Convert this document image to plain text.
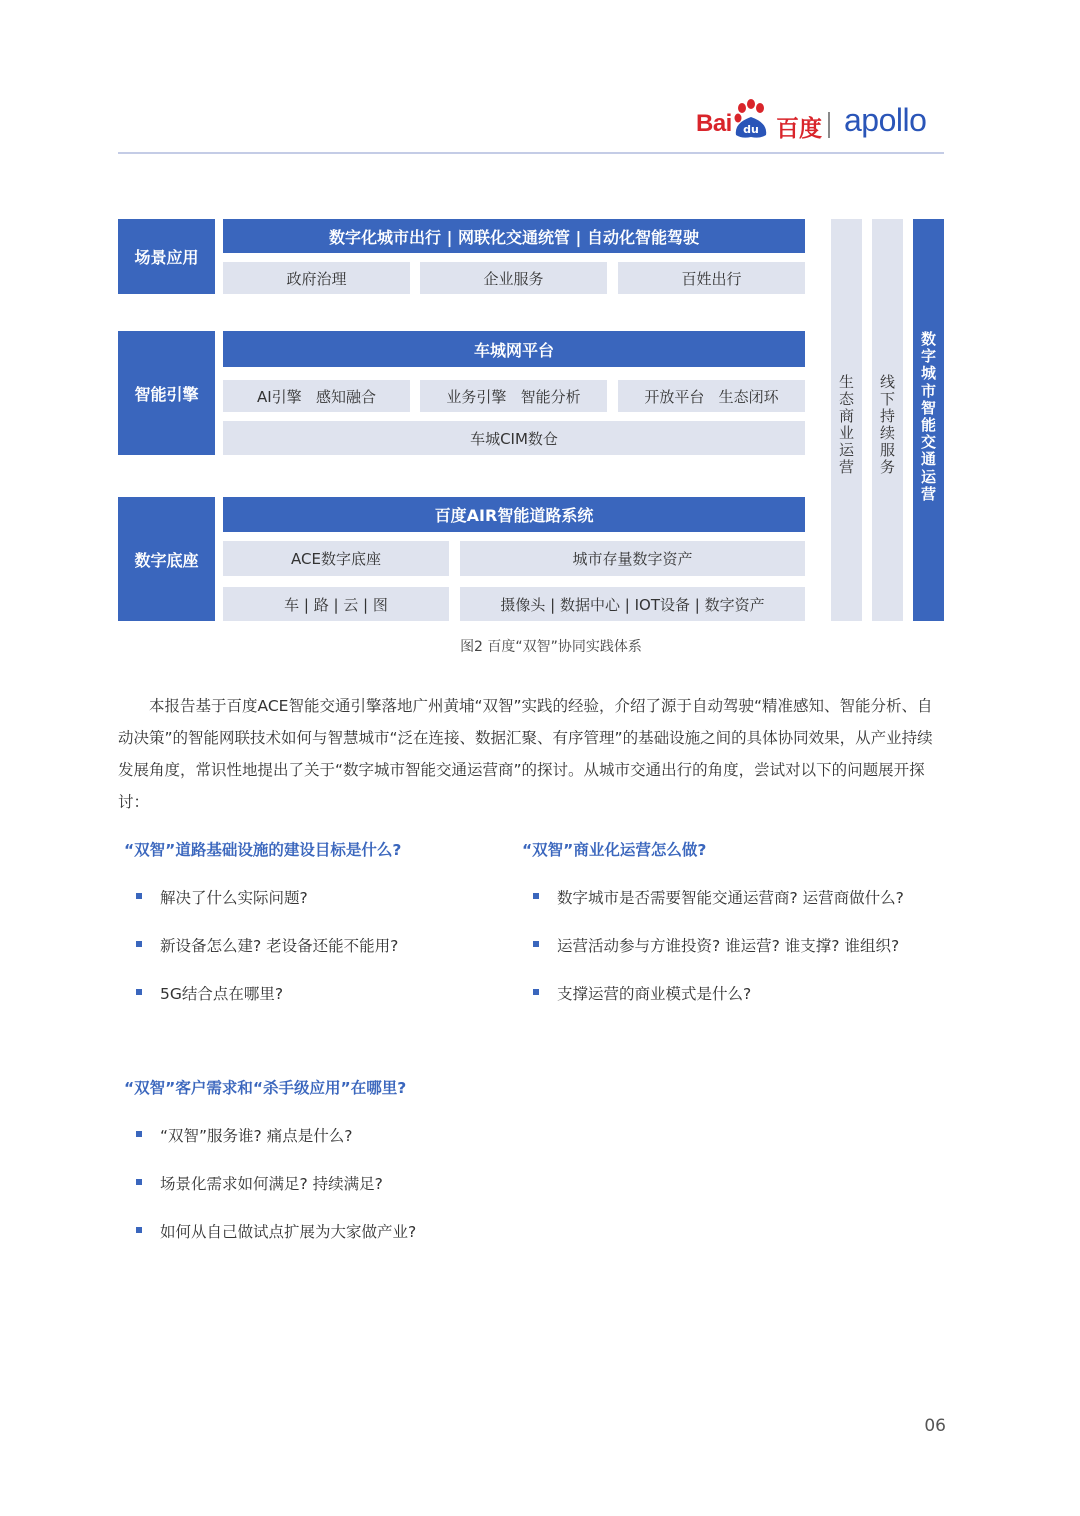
Bai du 百度 apollo
场景应用
数字化城市出行 | 网联化交通统管 | 自动化智能驾驶
政府治理	企业服务	百姓出行
智能引擎
车城网平台
AI引擎   感知融合	业务引擎   智能分析	开放平台   生态闭环
车城CIM数仓
数字底座
百度AIR智能道路系统
ACE数字底座	城市存量数字资产
车 | 路 | 云 | 图	摄像头 | 数据中心 | IOT设备 | 数字资产
生
态
商
业
运
营
线
下
持
续
服
务
数
字
城
市
智
能
交
通
运
营
图2 百度“双智”协同实践体系
本报告基于百度ACE智能交通引擎落地广州黄埔“双智”实践的经验，介绍了源于自动驾驶“精准感知、智能分析、自动决策”的智能网联技术如何与智慧城市“泛在连接、数据汇聚、有序管理”的基础设施之间的具体协同效果，从产业持续发展角度，常识性地提出了关于“数字城市智能交通运营商”的探讨。从城市交通出行的角度，尝试对以下的问题展开探讨：
“双智”道路基础设施的建设目标是什么?
解决了什么实际问题?
新设备怎么建? 老设备还能不能用?
5G结合点在哪里?
“双智”商业化运营怎么做?
数字城市是否需要智能交通运营商? 运营商做什么?
运营活动参与方谁投资? 谁运营? 谁支撑? 谁组织?
支撑运营的商业模式是什么?
“双智”客户需求和“杀手级应用”在哪里?
“双智”服务谁? 痛点是什么?
场景化需求如何满足? 持续满足?
如何从自己做试点扩展为大家做产业?
06
